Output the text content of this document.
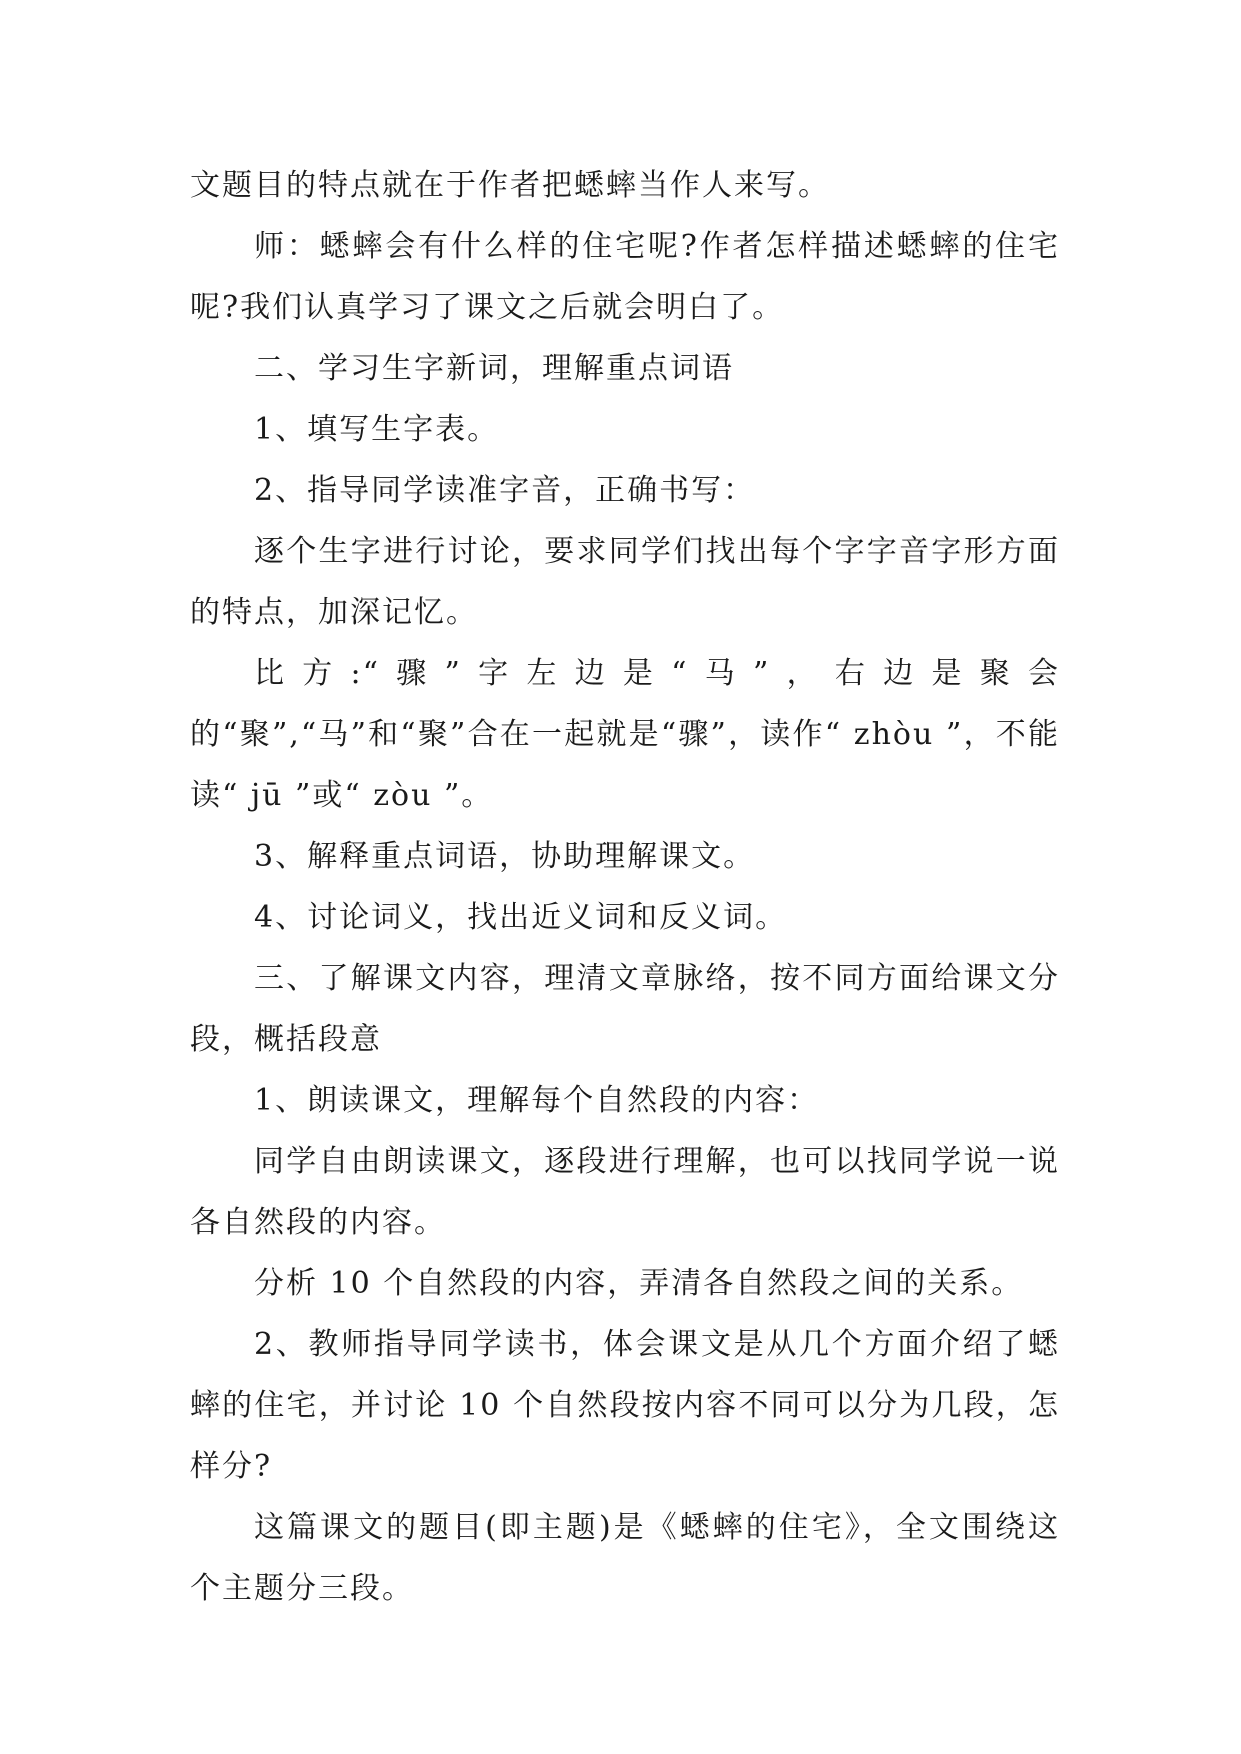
文题目的特点就在于作者把蟋蟀当作人来写。

师：蟋蟀会有什么样的住宅呢?作者怎样描述蟋蟀的住宅呢?我们认真学习了课文之后就会明白了。

二、学习生字新词，理解重点词语

1、填写生字表。

2、指导同学读准字音，正确书写：

逐个生字进行讨论，要求同学们找出每个字字音字形方面的特点，加深记忆。

比方:“骤”字左边是“马”，右边是聚会的“聚”,“马”和“聚”合在一起就是“骤”，读作“ zhòu ”，不能读“ jū ”或“ zòu ”。

3、解释重点词语，协助理解课文。

4、讨论词义，找出近义词和反义词。

三、了解课文内容，理清文章脉络，按不同方面给课文分段，概括段意

1、朗读课文，理解每个自然段的内容：

同学自由朗读课文，逐段进行理解，也可以找同学说一说各自然段的内容。

分析 10 个自然段的内容，弄清各自然段之间的关系。

2、教师指导同学读书，体会课文是从几个方面介绍了蟋蟀的住宅，并讨论 10 个自然段按内容不同可以分为几段，怎样分?

这篇课文的题目(即主题)是《蟋蟀的住宅》，全文围绕这个主题分三段。
